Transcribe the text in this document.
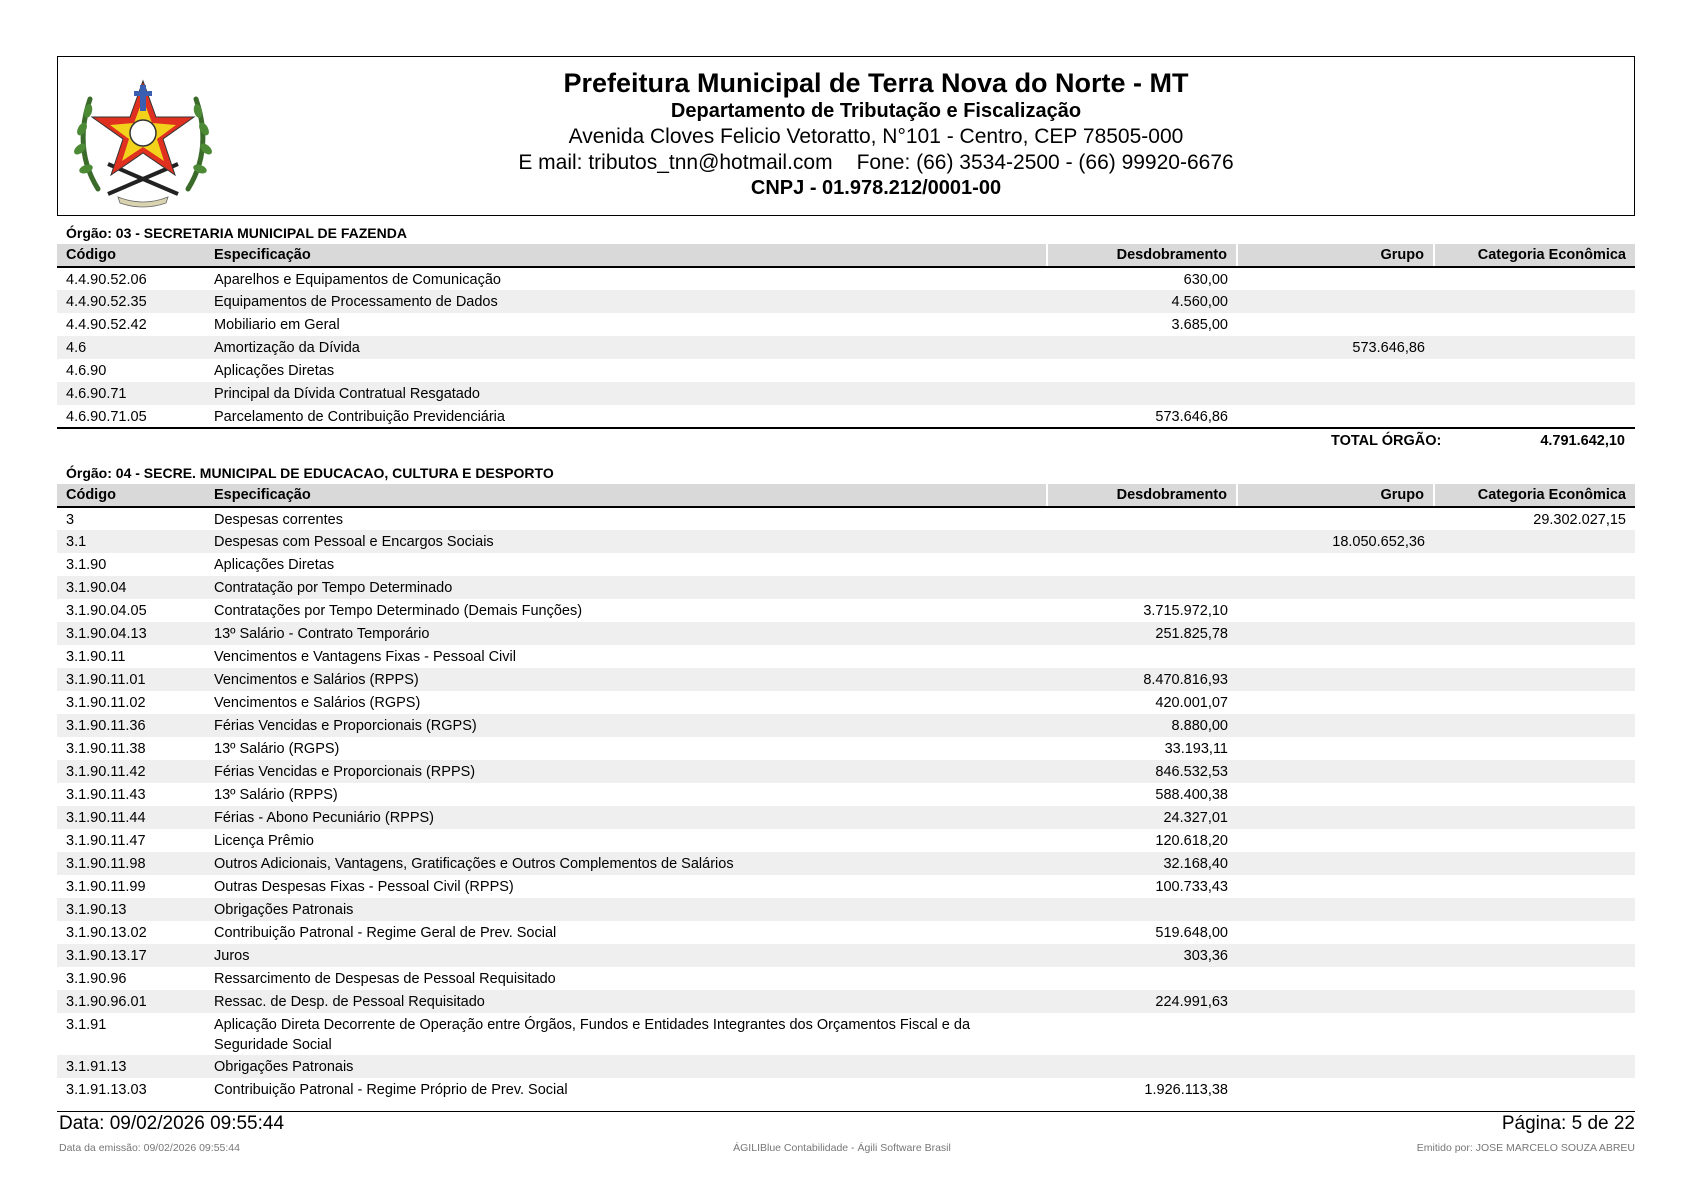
Prefeitura Municipal de Terra Nova do Norte - MT
Departamento de Tributação e Fiscalização
Avenida Cloves Felicio Vetoratto, N°101 - Centro, CEP 78505-000
E mail: tributos_tnn@hotmail.com Fone: (66) 3534-2500 - (66) 99920-6676
CNPJ - 01.978.212/0001-00
Órgão: 03 - SECRETARIA MUNICIPAL DE FAZENDA
Código	Especificação	Desdobramento	Grupo	Categoria Econômica
4.4.90.52.06	Aparelhos e Equipamentos de Comunicação	630,00		
4.4.90.52.35	Equipamentos de Processamento de Dados	4.560,00		
4.4.90.52.42	Mobiliario em Geral	3.685,00		
4.6	Amortização da Dívida		573.646,86	
4.6.90	Aplicações Diretas			
4.6.90.71	Principal da Dívida Contratual Resgatado			
4.6.90.71.05	Parcelamento de Contribuição Previdenciária	573.646,86		
TOTAL ÓRGÃO:	4.791.642,10
Órgão: 04 - SECRE. MUNICIPAL DE EDUCACAO, CULTURA E DESPORTO
Código	Especificação	Desdobramento	Grupo	Categoria Econômica
3	Despesas correntes			29.302.027,15
3.1	Despesas com Pessoal e Encargos Sociais		18.050.652,36	
3.1.90	Aplicações Diretas			
3.1.90.04	Contratação por Tempo Determinado			
3.1.90.04.05	Contratações por Tempo Determinado (Demais Funções)	3.715.972,10		
3.1.90.04.13	13º Salário - Contrato Temporário	251.825,78		
3.1.90.11	Vencimentos e Vantagens Fixas - Pessoal Civil			
3.1.90.11.01	Vencimentos e Salários (RPPS)	8.470.816,93		
3.1.90.11.02	Vencimentos e Salários (RGPS)	420.001,07		
3.1.90.11.36	Férias Vencidas e Proporcionais (RGPS)	8.880,00		
3.1.90.11.38	13º Salário (RGPS)	33.193,11		
3.1.90.11.42	Férias Vencidas e Proporcionais (RPPS)	846.532,53		
3.1.90.11.43	13º Salário (RPPS)	588.400,38		
3.1.90.11.44	Férias - Abono Pecuniário (RPPS)	24.327,01		
3.1.90.11.47	Licença Prêmio	120.618,20		
3.1.90.11.98	Outros Adicionais, Vantagens, Gratificações e Outros Complementos de Salários	32.168,40		
3.1.90.11.99	Outras Despesas Fixas - Pessoal Civil (RPPS)	100.733,43		
3.1.90.13	Obrigações Patronais			
3.1.90.13.02	Contribuição Patronal - Regime Geral de Prev. Social	519.648,00		
3.1.90.13.17	Juros	303,36		
3.1.90.96	Ressarcimento de Despesas de Pessoal Requisitado			
3.1.90.96.01	Ressac. de Desp. de Pessoal Requisitado	224.991,63		
3.1.91	Aplicação Direta Decorrente de Operação entre Órgãos, Fundos e Entidades Integrantes dos Orçamentos Fiscal e da Seguridade Social			
3.1.91.13	Obrigações Patronais			
3.1.91.13.03	Contribuição Patronal - Regime Próprio de Prev. Social	1.926.113,38		
Data: 09/02/2026 09:55:44	Página: 5 de 22
Data da emissão: 09/02/2026 09:55:44	ÁGILIBlue Contabilidade - Ágili Software Brasil	Emitido por: JOSE MARCELO SOUZA ABREU
